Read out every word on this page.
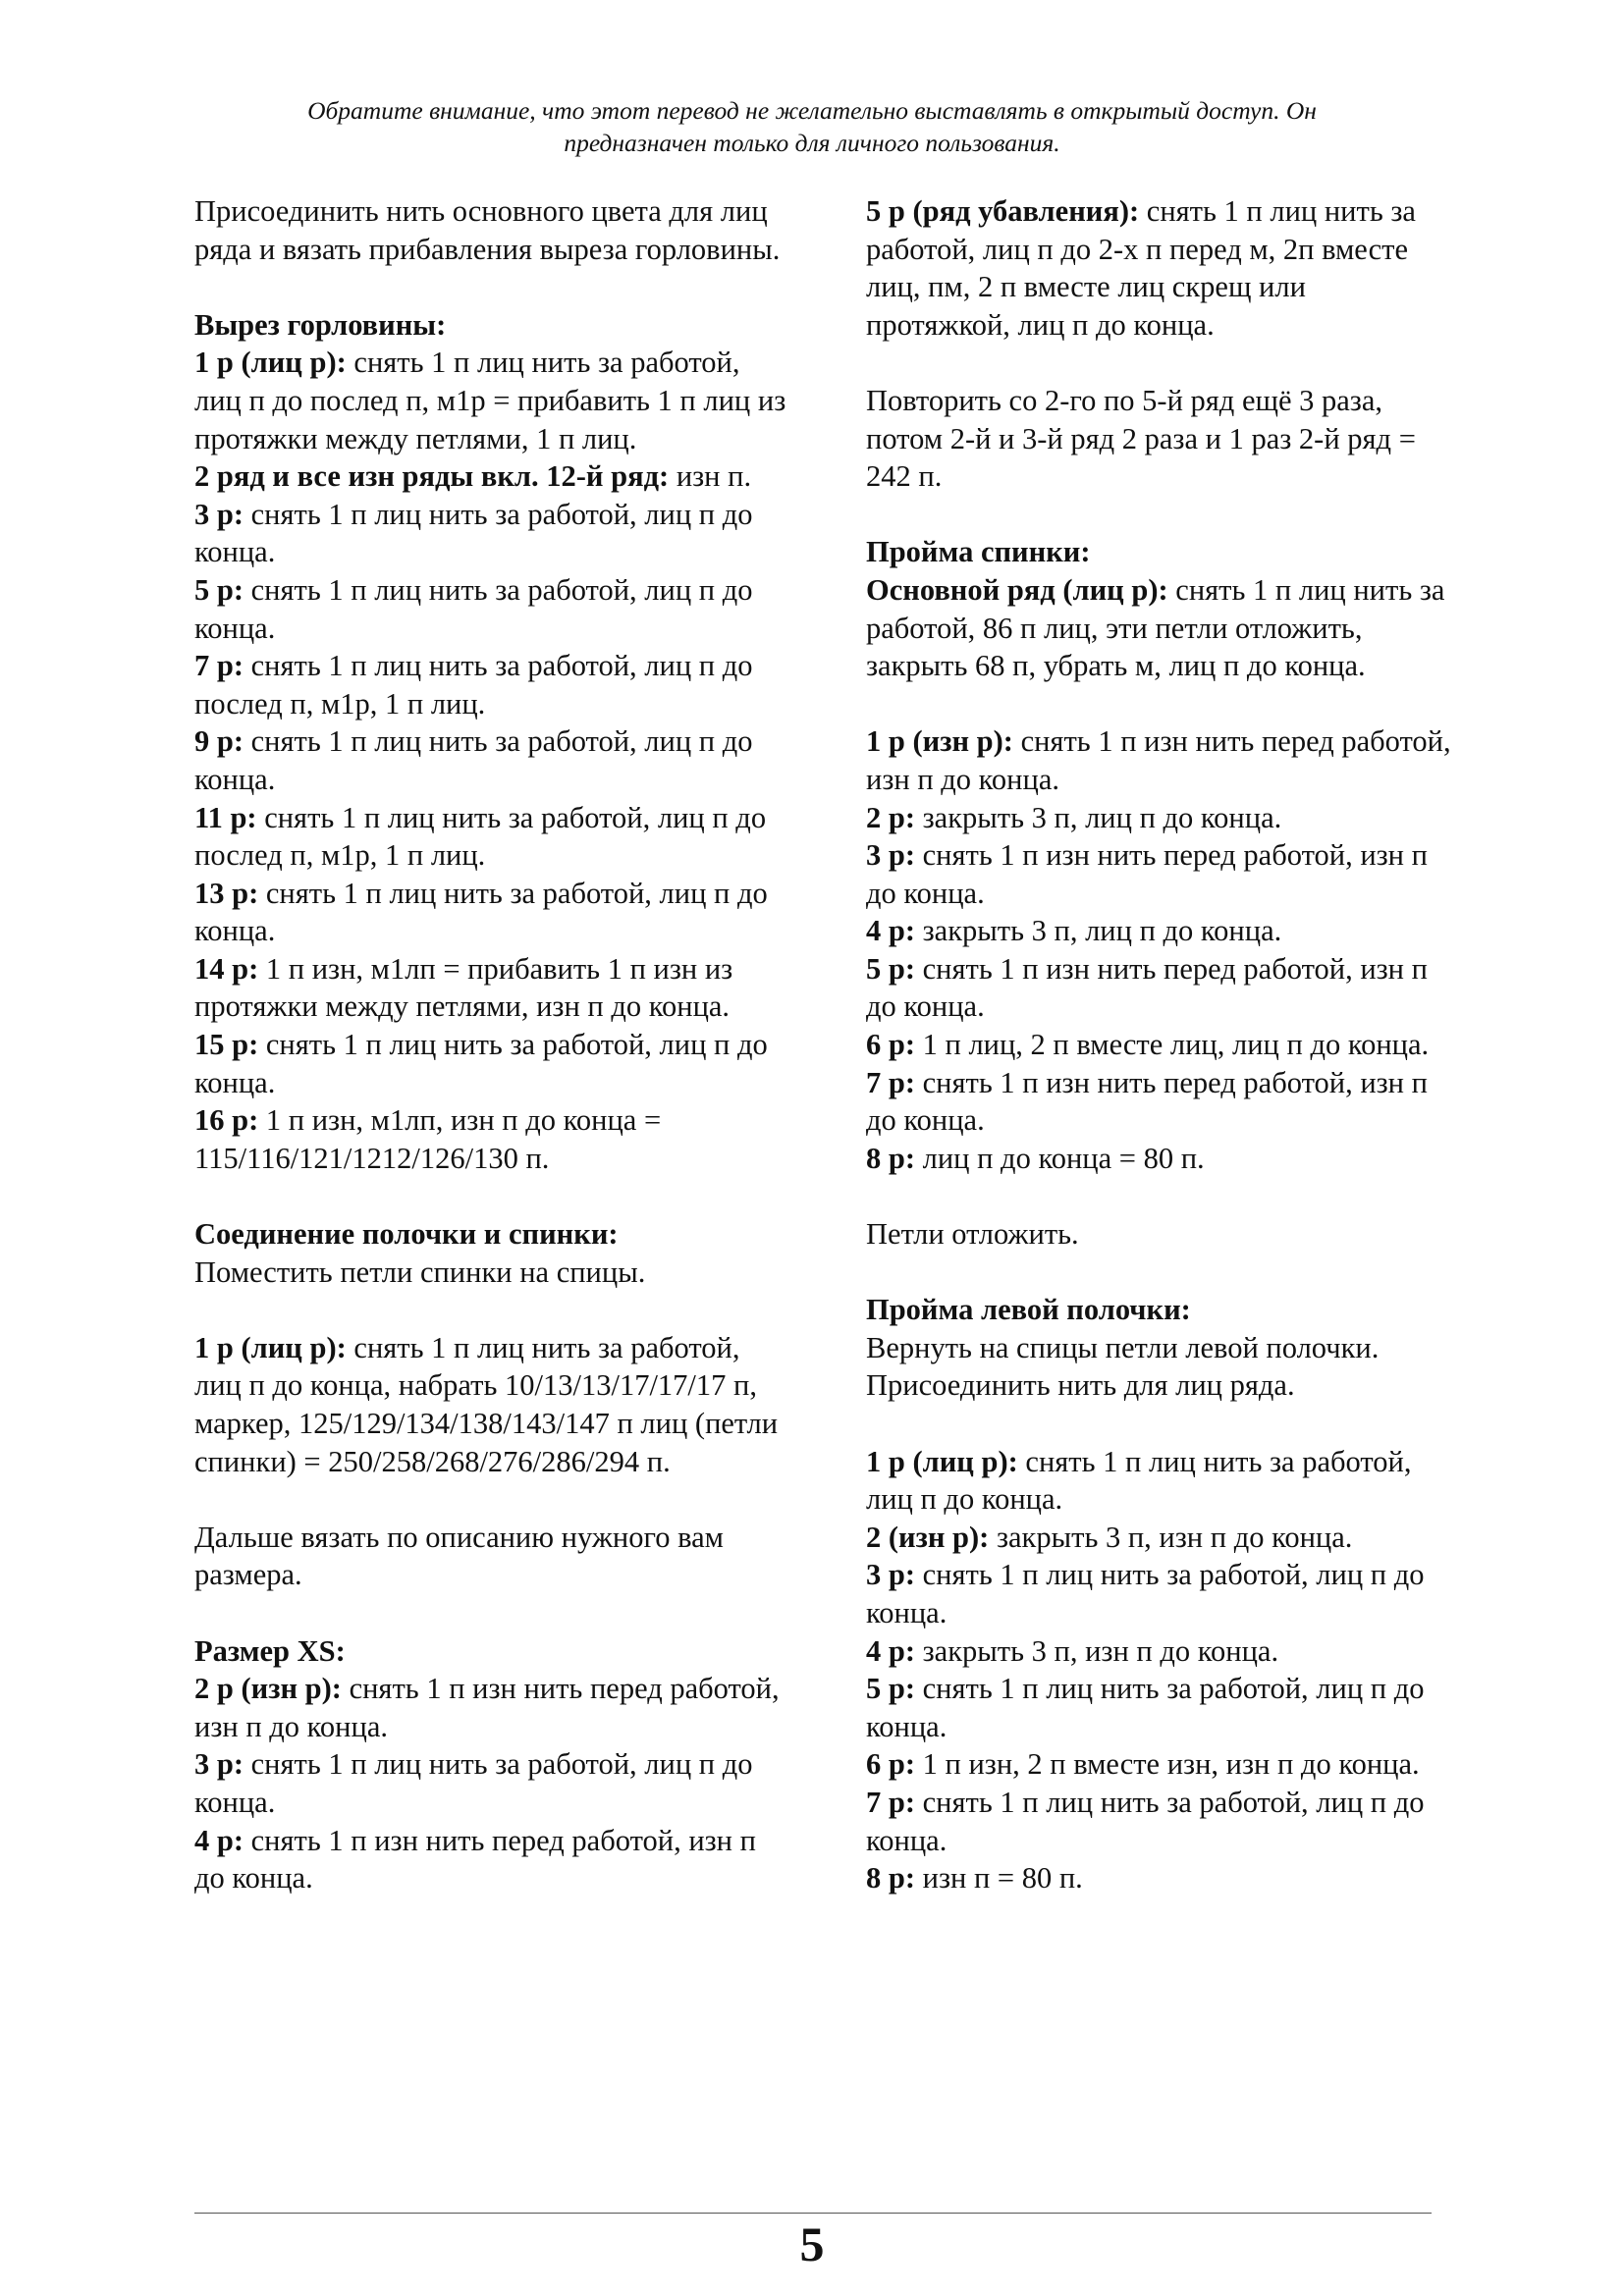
Обратите внимание, что этот перевод не желательно выставлять в открытый доступ. Он
предназначен только для личного пользования.
Присоединить нить основного цвета для лиц ряда и вязать прибавления выреза горловины.
Вырез горловины:
1 р (лиц р): снять 1 п лиц нить за работой, лиц п до послед п, м1р = прибавить 1 п лиц из протяжки между петлями, 1 п лиц.
2 ряд и все изн ряды вкл. 12-й ряд: изн п.
3 р: снять 1 п лиц нить за работой, лиц п до конца.
5 р: снять 1 п лиц нить за работой, лиц п до конца.
7 р: снять 1 п лиц нить за работой, лиц п до послед п, м1р, 1 п лиц.
9 р: снять 1 п лиц нить за работой, лиц п до конца.
11 р: снять 1 п лиц нить за работой, лиц п до послед п, м1р, 1 п лиц.
13 р: снять 1 п лиц нить за работой, лиц п до конца.
14 р: 1 п изн, м1лп = прибавить 1 п изн из протяжки между петлями, изн п до конца.
15 р: снять 1 п лиц нить за работой, лиц п до конца.
16 р: 1 п изн, м1лп, изн п до конца = 115/116/121/1212/126/130 п.
Соединение полочки и спинки:
Поместить петли спинки на спицы.
1 р (лиц р): снять 1 п лиц нить за работой, лиц п до конца, набрать 10/13/13/17/17/17 п, маркер, 125/129/134/138/143/147 п лиц (петли спинки) = 250/258/268/276/286/294 п.
Дальше вязать по описанию нужного вам размера.
Размер XS:
2 р (изн р): снять 1 п изн нить перед работой, изн п до конца.
3 р: снять 1 п лиц нить за работой, лиц п до конца.
4 р: снять 1 п изн нить перед работой, изн п до конца.
5 р (ряд убавления): снять 1 п лиц нить за работой, лиц п до 2-х п перед м, 2п вместе лиц, пм, 2 п вместе лиц скрещ или протяжкой, лиц п до конца.
Повторить со 2-го по 5-й ряд ещё 3 раза, потом 2-й и 3-й ряд 2 раза и 1 раз 2-й ряд = 242 п.
Пройма спинки:
Основной ряд (лиц р): снять 1 п лиц нить за работой, 86 п лиц, эти петли отложить, закрыть 68 п, убрать м, лиц п до конца.
1 р (изн р): снять 1 п изн нить перед работой, изн п до конца.
2 р: закрыть 3 п, лиц п до конца.
3 р: снять 1 п изн нить перед работой, изн п до конца.
4 р: закрыть 3 п, лиц п до конца.
5 р: снять 1 п изн нить перед работой, изн п до конца.
6 р: 1 п лиц, 2 п вместе лиц, лиц п до конца.
7 р: снять 1 п изн нить перед работой, изн п до конца.
8 р: лиц п до конца = 80 п.
Петли отложить.
Пройма левой полочки:
Вернуть на спицы петли левой полочки. Присоединить нить для лиц ряда.
1 р (лиц р): снять 1 п лиц нить за работой, лиц п до конца.
2 (изн р): закрыть 3 п, изн п до конца.
3 р: снять 1 п лиц нить за работой, лиц п до конца.
4 р: закрыть 3 п, изн п до конца.
5 р: снять 1 п лиц нить за работой, лиц п до конца.
6 р: 1 п изн, 2 п вместе изн, изн п до конца.
7 р: снять 1 п лиц нить за работой, лиц п до конца.
8 р: изн п = 80 п.
5
